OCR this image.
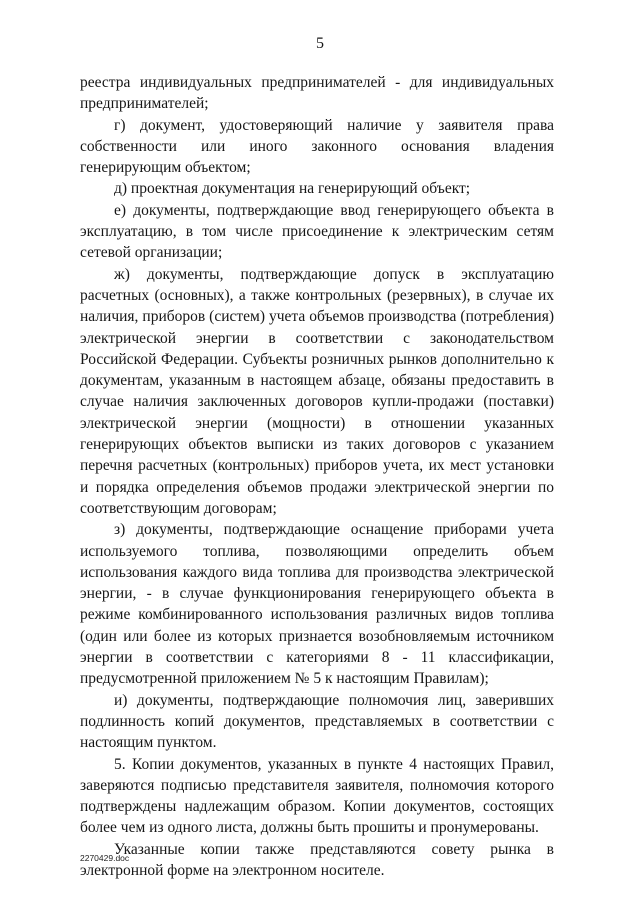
5

реестра индивидуальных предпринимателей - для индивидуальных предпринимателей;

г) документ, удостоверяющий наличие у заявителя права собственности или иного законного основания владения генерирующим объектом;

д) проектная документация на генерирующий объект;

е) документы, подтверждающие ввод генерирующего объекта в эксплуатацию, в том числе присоединение к электрическим сетям сетевой организации;

ж) документы, подтверждающие допуск в эксплуатацию расчетных (основных), а также контрольных (резервных), в случае их наличия, приборов (систем) учета объемов производства (потребления) электрической энергии в соответствии с законодательством Российской Федерации. Субъекты розничных рынков дополнительно к документам, указанным в настоящем абзаце, обязаны предоставить в случае наличия заключенных договоров купли-продажи (поставки) электрической энергии (мощности) в отношении указанных генерирующих объектов выписки из таких договоров с указанием перечня расчетных (контрольных) приборов учета, их мест установки и порядка определения объемов продажи электрической энергии по соответствующим договорам;

з) документы, подтверждающие оснащение приборами учета используемого топлива, позволяющими определить объем использования каждого вида топлива для производства электрической энергии, - в случае функционирования генерирующего объекта в режиме комбинированного использования различных видов топлива (один или более из которых признается возобновляемым источником энергии в соответствии с категориями 8 - 11 классификации, предусмотренной приложением № 5 к настоящим Правилам);

и) документы, подтверждающие полномочия лиц, заверивших подлинность копий документов, представляемых в соответствии с настоящим пунктом.

5. Копии документов, указанных в пункте 4 настоящих Правил, заверяются подписью представителя заявителя, полномочия которого подтверждены надлежащим образом. Копии документов, состоящих более чем из одного листа, должны быть прошиты и пронумерованы.

Указанные копии также представляются совету рынка в электронной форме на электронном носителе.

2270429.doc
